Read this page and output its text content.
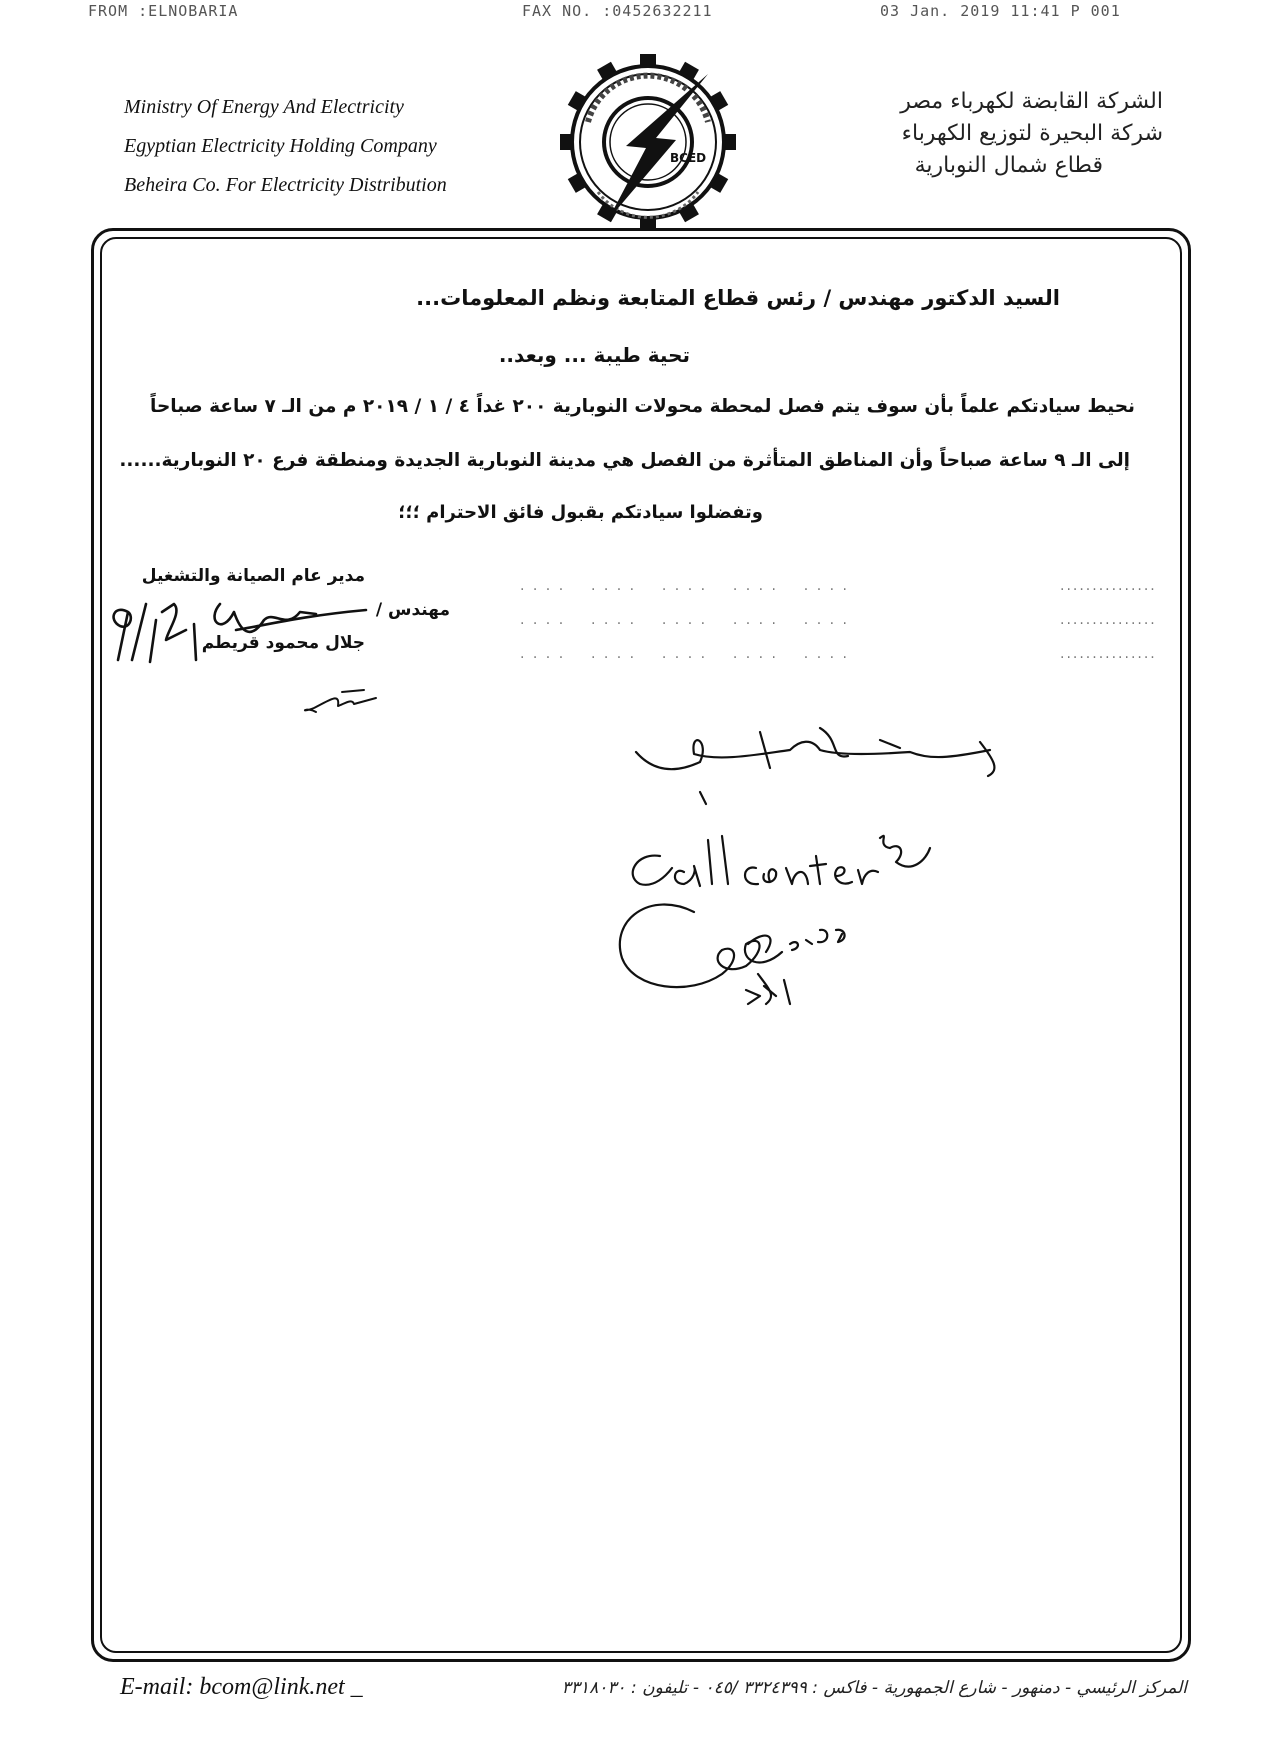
FROM :ELNOBARIA	FAX NO. :0452632211	03 Jan. 2019 11:41 P 001
Ministry Of Energy And Electricity
Egyptian Electricity Holding Company
Beheira Co. For Electricity Distribution
BCED
الشركة القابضة لكهرباء مصر
شركة البحيرة لتوزيع الكهرباء
قطاع شمال النوبارية
السيد الدكتور مهندس / رئس قطاع المتابعة ونظم المعلومات...
تحية طيبة ... وبعد..
نحيط سيادتكم علماً بأن سوف يتم فصل لمحطة محولات النوبارية ٢٠٠ غداً ٤ / ١ / ٢٠١٩ م من الـ ٧ ساعة صباحاً
إلى الـ ٩ ساعة صباحاً وأن المناطق المتأثرة من الفصل هي مدينة النوبارية الجديدة ومنطقة فرع ٢٠ النوبارية......
وتفضلوا سيادتكم بقبول فائق الاحترام ؛؛؛
. . . .    . . . .    . . . .    . . . .    . . . .	...............
. . . .    . . . .    . . . .    . . . .    . . . .	...............
. . . .    . . . .    . . . .    . . . .    . . . .	...............
مدير عام الصيانة والتشغيل
مهندس /
جلال محمود قريطم
E-mail: bcom@link.net _	المركز الرئيسي - دمنهور - شارع الجمهورية - فاكس : ٣٣٢٤٣٩٩ /٠٤٥ - تليفون : ٣٣١٨٠٣٠
